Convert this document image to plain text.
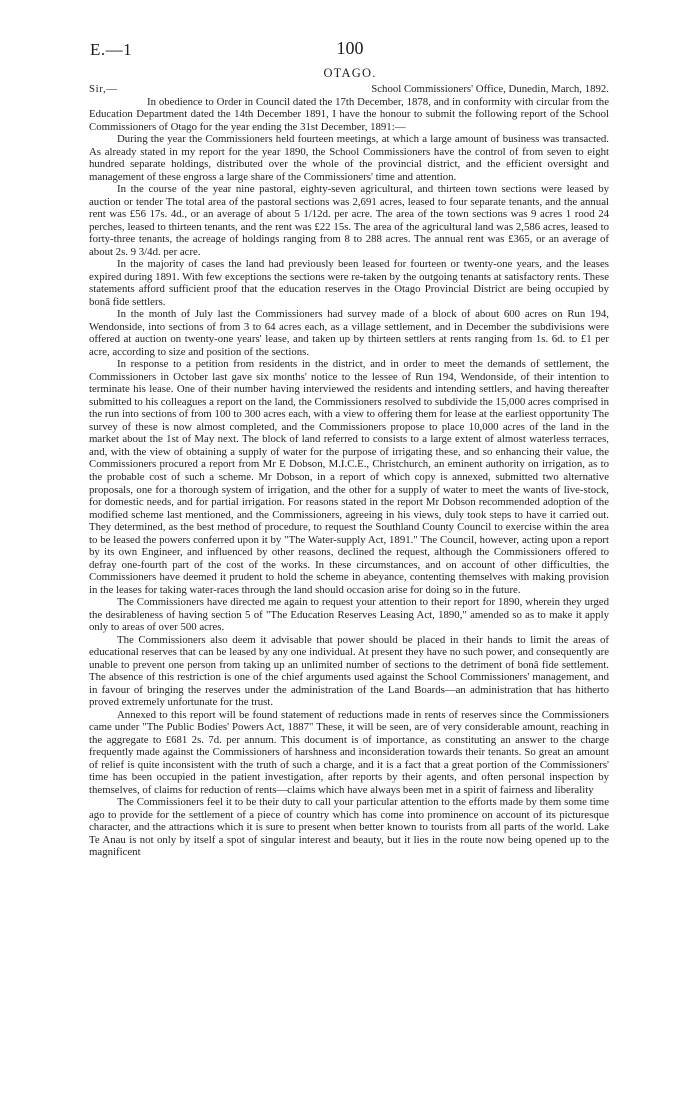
E.—1	100
OTAGO.
Sir,—	School Commissioners' Office, Dunedin, March, 1892.

In obedience to Order in Council dated the 17th December, 1878, and in conformity with circular from the Education Department dated the 14th December 1891, I have the honour to submit the following report of the School Commissioners of Otago for the year ending the 31st December, 1891:—

During the year the Commissioners held fourteen meetings, at which a large amount of business was transacted. As already stated in my report for the year 1890, the School Commissioners have the control of from seven to eight hundred separate holdings, distributed over the whole of the provincial district, and the efficient oversight and management of these engross a large share of the Commissioners' time and attention.

In the course of the year nine pastoral, eighty-seven agricultural, and thirteen town sections were leased by auction or tender The total area of the pastoral sections was 2,691 acres, leased to four separate tenants, and the annual rent was £56 17s. 4d., or an average of about 5 1/12d. per acre. The area of the town sections was 9 acres 1 rood 24 perches, leased to thirteen tenants, and the rent was £22 15s. The area of the agricultural land was 2,586 acres, leased to forty-three tenants, the acreage of holdings ranging from 8 to 288 acres. The annual rent was £365, or an average of about 2s. 9 3/4d. per acre.

In the majority of cases the land had previously been leased for fourteen or twenty-one years, and the leases expired during 1891. With few exceptions the sections were re-taken by the outgoing tenants at satisfactory rents. These statements afford sufficient proof that the education reserves in the Otago Provincial District are being occupied by bonâ fide settlers.

In the month of July last the Commissioners had survey made of a block of about 600 acres on Run 194, Wendonside, into sections of from 3 to 64 acres each, as a village settlement, and in December the subdivisions were offered at auction on twenty-one years' lease, and taken up by thirteen settlers at rents ranging from 1s. 6d. to £1 per acre, according to size and position of the sections.

In response to a petition from residents in the district, and in order to meet the demands of settlement, the Commissioners in October last gave six months' notice to the lessee of Run 194, Wendonside, of their intention to terminate his lease. One of their number having interviewed the residents and intending settlers, and having thereafter submitted to his colleagues a report on the land, the Commissioners resolved to subdivide the 15,000 acres comprised in the run into sections of from 100 to 300 acres each, with a view to offering them for lease at the earliest opportunity The survey of these is now almost completed, and the Commissioners propose to place 10,000 acres of the land in the market about the 1st of May next. The block of land referred to consists to a large extent of almost waterless terraces, and, with the view of obtaining a supply of water for the purpose of irrigating these, and so enhancing their value, the Commissioners procured a report from Mr E Dobson, M.I.C.E., Christchurch, an eminent authority on irrigation, as to the probable cost of such a scheme. Mr Dobson, in a report of which copy is annexed, submitted two alternative proposals, one for a thorough system of irrigation, and the other for a supply of water to meet the wants of live-stock, for domestic needs, and for partial irrigation. For reasons stated in the report Mr Dobson recommended adoption of the modified scheme last mentioned, and the Commissioners, agreeing in his views, duly took steps to have it carried out. They determined, as the best method of procedure, to request the Southland County Council to exercise within the area to be leased the powers conferred upon it by "The Water-supply Act, 1891." The Council, however, acting upon a report by its own Engineer, and influenced by other reasons, declined the request, although the Commissioners offered to defray one-fourth part of the cost of the works. In these circumstances, and on account of other difficulties, the Commissioners have deemed it prudent to hold the scheme in abeyance, contenting themselves with making provision in the leases for taking water-races through the land should occasion arise for doing so in the future.

The Commissioners have directed me again to request your attention to their report for 1890, wherein they urged the desirableness of having section 5 of "The Education Reserves Leasing Act, 1890," amended so as to make it apply only to areas of over 500 acres.

The Commissioners also deem it advisable that power should be placed in their hands to limit the areas of educational reserves that can be leased by any one individual. At present they have no such power, and consequently are unable to prevent one person from taking up an unlimited number of sections to the detriment of bonâ fide settlement. The absence of this restriction is one of the chief arguments used against the School Commissioners' management, and in favour of bringing the reserves under the administration of the Land Boards—an administration that has hitherto proved extremely unfortunate for the trust.

Annexed to this report will be found statement of reductions made in rents of reserves since the Commissioners came under "The Public Bodies' Powers Act, 1887" These, it will be seen, are of very considerable amount, reaching in the aggregate to £681 2s. 7d. per annum. This document is of importance, as constituting an answer to the charge frequently made against the Commissioners of harshness and inconsideration towards their tenants. So great an amount of relief is quite inconsistent with the truth of such a charge, and it is a fact that a great portion of the Commissioners' time has been occupied in the patient investigation, after reports by their agents, and often personal inspection by themselves, of claims for reduction of rents—claims which have always been met in a spirit of fairness and liberality

The Commissioners feel it to be their duty to call your particular attention to the efforts made by them some time ago to provide for the settlement of a piece of country which has come into prominence on account of its picturesque character, and the attractions which it is sure to present when better known to tourists from all parts of the world. Lake Te Anau is not only by itself a spot of singular interest and beauty, but it lies in the route now being opened up to the magnificent
